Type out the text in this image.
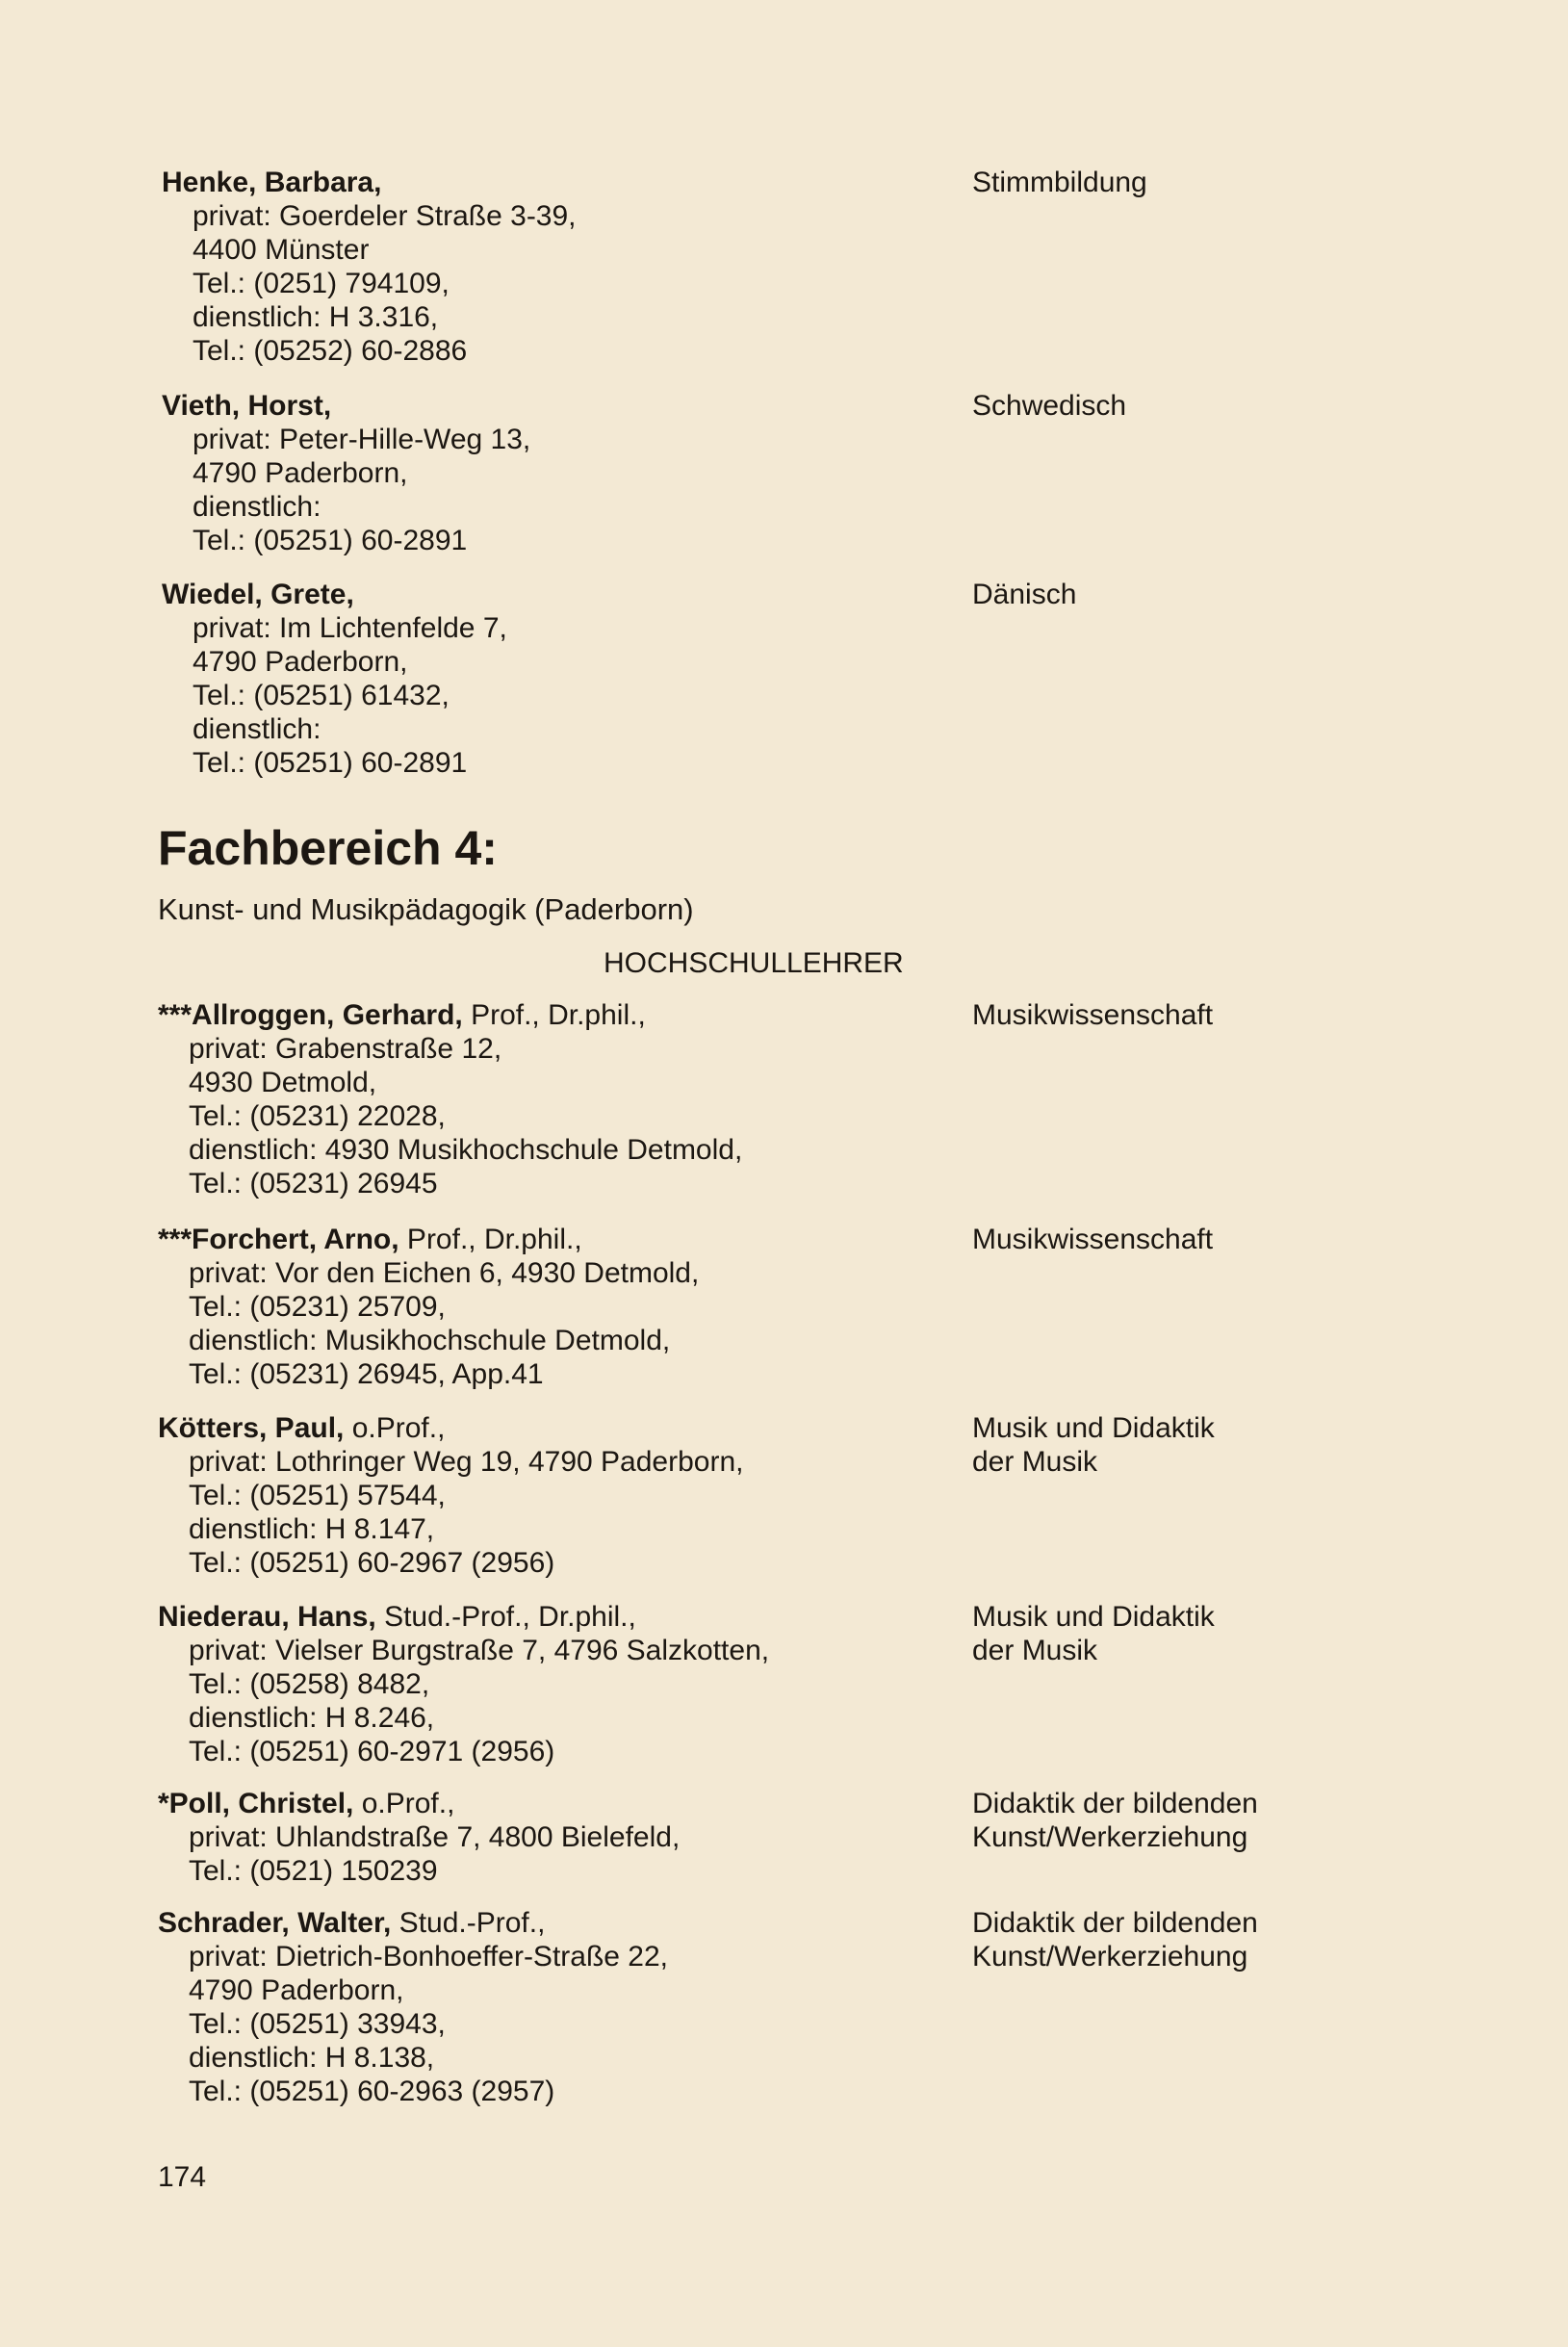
Henke, Barbara,
privat: Goerdeler Straße 3-39,
4400 Münster
Tel.: (0251) 794109,
dienstlich: H 3.316,
Tel.: (05252) 60-2886
Stimmbildung
Vieth, Horst,
privat: Peter-Hille-Weg 13,
4790 Paderborn,
dienstlich:
Tel.: (05251) 60-2891
Schwedisch
Wiedel, Grete,
privat: Im Lichtenfelde 7,
4790 Paderborn,
Tel.: (05251) 61432,
dienstlich:
Tel.: (05251) 60-2891
Dänisch
Fachbereich 4:
Kunst- und Musikpädagogik (Paderborn)
HOCHSCHULLEHRER
***Allroggen, Gerhard, Prof., Dr.phil.,
privat: Grabenstraße 12,
4930 Detmold,
Tel.: (05231) 22028,
dienstlich: 4930 Musikhochschule Detmold,
Tel.: (05231) 26945
Musikwissenschaft
***Forchert, Arno, Prof., Dr.phil.,
privat: Vor den Eichen 6, 4930 Detmold,
Tel.: (05231) 25709,
dienstlich: Musikhochschule Detmold,
Tel.: (05231) 26945, App.41
Musikwissenschaft
Kötters, Paul, o.Prof.,
privat: Lothringer Weg 19, 4790 Paderborn,
Tel.: (05251) 57544,
dienstlich: H 8.147,
Tel.: (05251) 60-2967 (2956)
Musik und Didaktik
der Musik
Niederau, Hans, Stud.-Prof., Dr.phil.,
privat: Vielser Burgstraße 7, 4796 Salzkotten,
Tel.: (05258) 8482,
dienstlich: H 8.246,
Tel.: (05251) 60-2971 (2956)
Musik und Didaktik
der Musik
*Poll, Christel, o.Prof.,
privat: Uhlandstraße 7, 4800 Bielefeld,
Tel.: (0521) 150239
Didaktik der bildenden
Kunst/Werkerziehung
Schrader, Walter, Stud.-Prof.,
privat: Dietrich-Bonhoeffer-Straße 22,
4790 Paderborn,
Tel.: (05251) 33943,
dienstlich: H 8.138,
Tel.: (05251) 60-2963 (2957)
Didaktik der bildenden
Kunst/Werkerziehung
174
